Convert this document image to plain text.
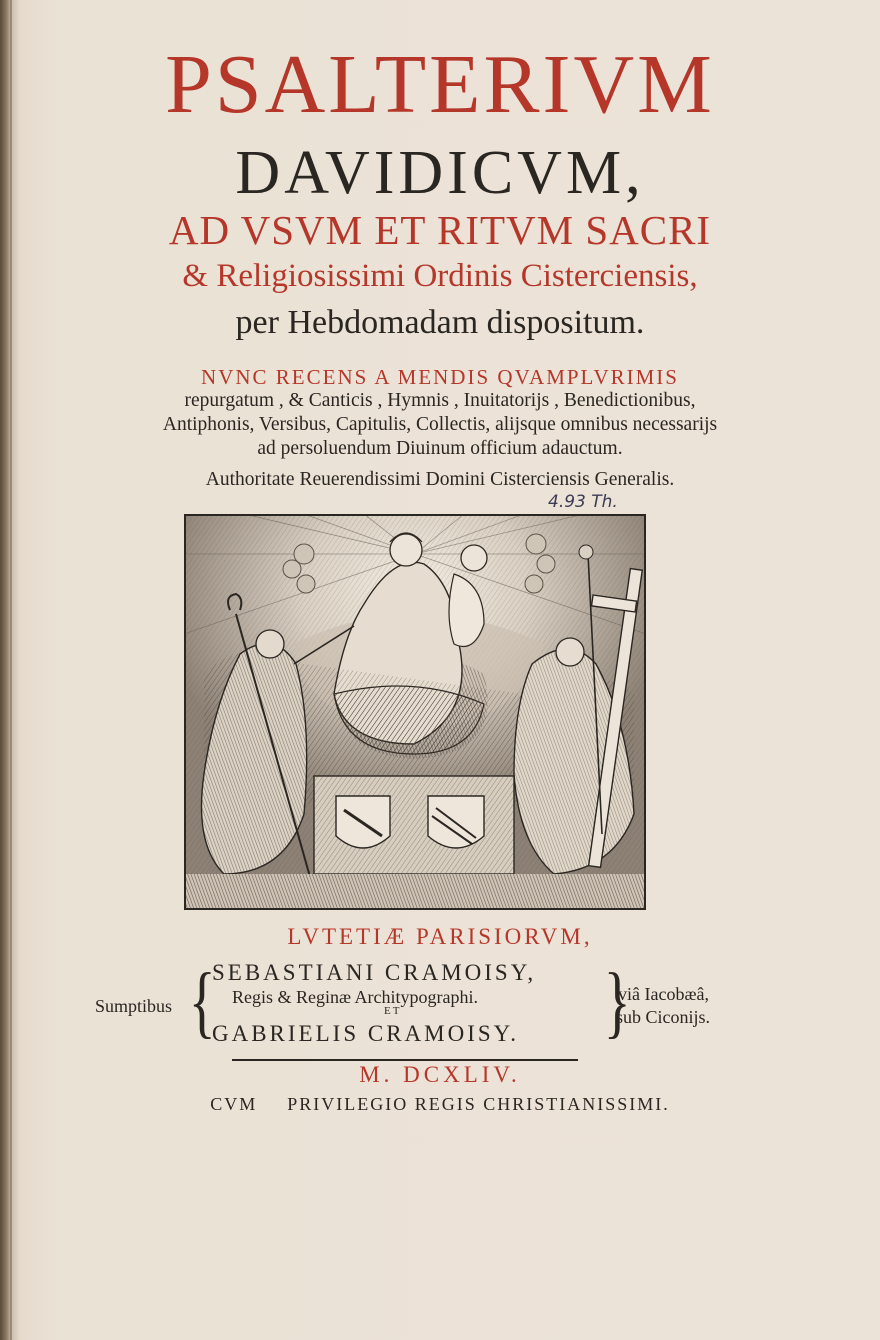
PSALTERIVM
DAVIDICVM,
AD VSVM ET RITVM SACRI
& Religiosissimi Ordinis Cisterciensis,
per Hebdomadam dispositum.
NVNC RECENS A MENDIS QVAMPLVRIMIS
repurgatum , & Canticis , Hymnis , Inuitatorijs , Benedictionibus,
Antiphonis, Versibus, Capitulis, Collectis, alijsque omnibus necessarijs
ad persoluendum Diuinum officium adauctum.
Authoritate Reuerendissimi Domini Cisterciensis Generalis.
4.93 Th.
LVTETIÆ PARISIORVM,
Sumptibus {
SEBASTIANI CRAMOISY,
Regis & Reginæ Architypographi.
ET
GABRIELIS CRAMOISY. }
viâ Iacobæâ,
sub Ciconijs.
M. DCXLIV.
CVM PRIVILEGIO REGIS CHRISTIANISSIMI.
